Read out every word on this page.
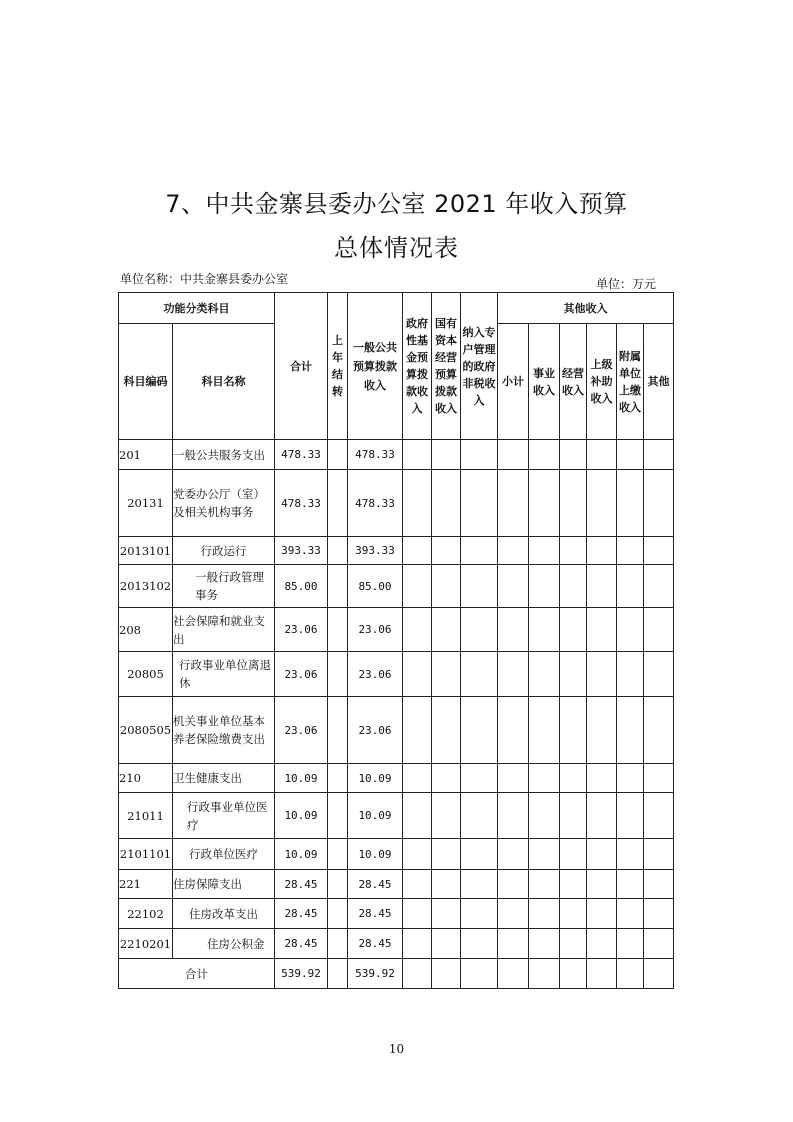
7、中共金寨县委办公室 2021 年收入预算
总体情况表
单位名称：中共金寨县委办公室	单位：万元
功能分类科目		合计	上年结转	一般公共预算拨款收入	政府性基金预算拨款收入	国有资本经营预算拨款收入	纳入专户管理的政府非税收入	其他收入					
科目编码	科目名称							小计	事业收入	经营收入	上级补助收入	附属单位上缴收入	其他
201	一般公共服务支出	478.33		478.33									
20131	党委办公厅（室）及相关机构事务	478.33		478.33									
2013101	行政运行	393.33		393.33									
2013102	一般行政管理事务	85.00		85.00									
208	社会保障和就业支出	23.06		23.06									
20805	行政事业单位离退休	23.06		23.06									
2080505	机关事业单位基本养老保险缴费支出	23.06		23.06									
210	卫生健康支出	10.09		10.09									
21011	行政事业单位医疗	10.09		10.09									
2101101	行政单位医疗	10.09		10.09									
221	住房保障支出	28.45		28.45									
22102	住房改革支出	28.45		28.45									
2210201	住房公积金	28.45		28.45									
合计		539.92		539.92									
10
